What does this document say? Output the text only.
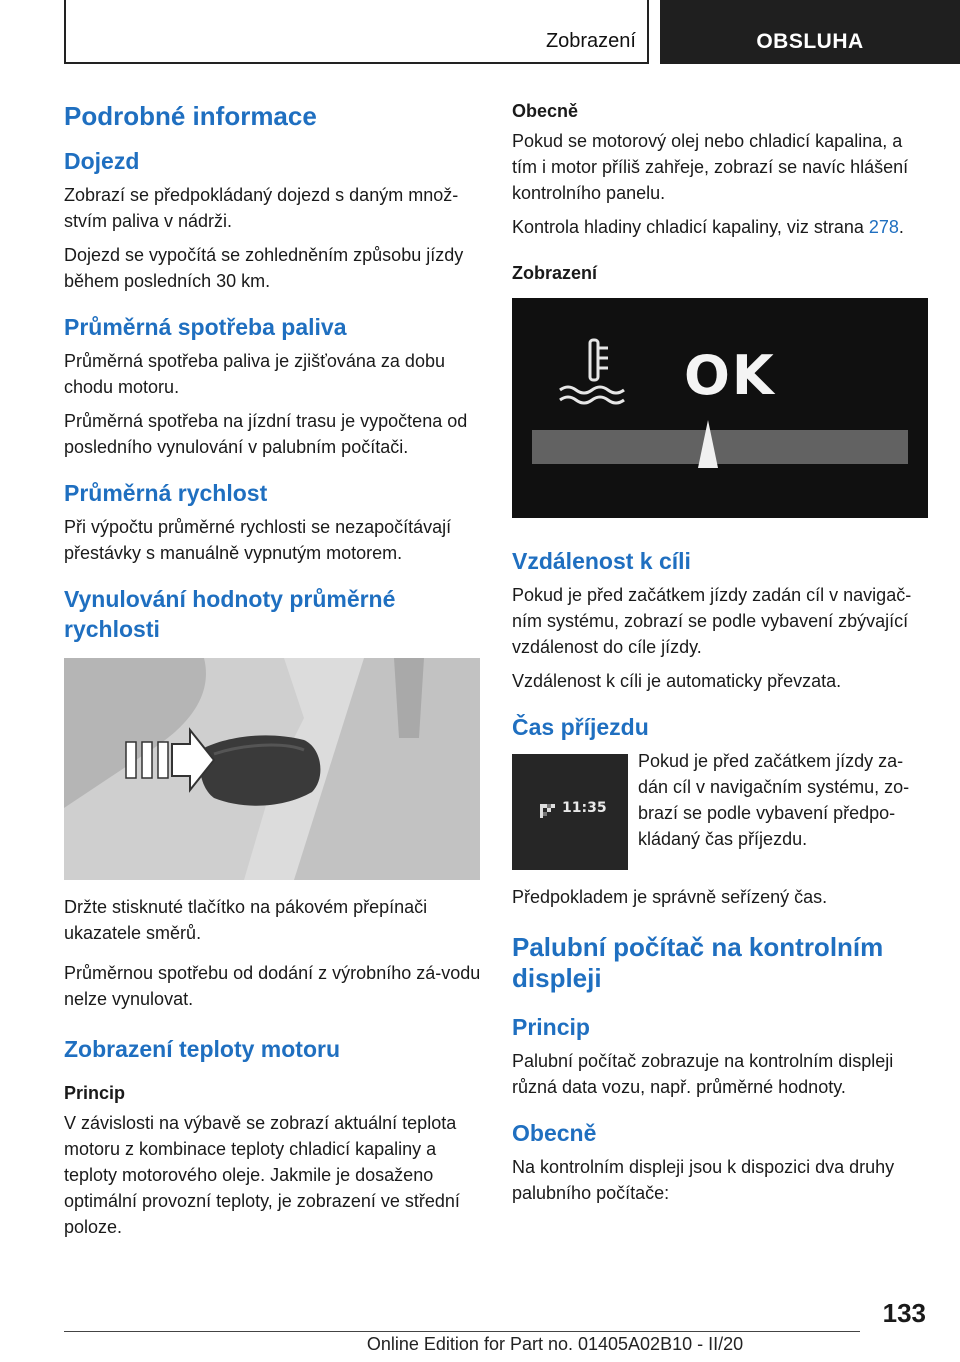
Zobrazení	OBSLUHA
Podrobné informace
Dojezd

Zobrazí se předpokládaný dojezd s daným množ-stvím paliva v nádrži.

Dojezd se vypočítá se zohledněním způsobu jízdy během posledních 30 km.

Průměrná spotřeba paliva

Průměrná spotřeba paliva je zjišťována za dobu chodu motoru.

Průměrná spotřeba na jízdní trasu je vypočtena od posledního vynulování v palubním počítači.

Průměrná rychlost

Při výpočtu průměrné rychlosti se nezapočítávají přestávky s manuálně vypnutým motorem.

Vynulování hodnoty průměrné rychlosti

Držte stisknuté tlačítko na pákovém přepínači ukazatele směrů.

Průměrnou spotřebu od dodání z výrobního zá-vodu nelze vynulovat.

Zobrazení teploty motoru
Princip

V závislosti na výbavě se zobrazí aktuální teplota motoru z kombinace teploty chladicí kapaliny a teploty motorového oleje. Jakmile je dosaženo optimální provozní teploty, je zobrazení ve střední poloze.

Obecně

Pokud se motorový olej nebo chladicí kapalina, a tím i motor příliš zahřeje, zobrazí se navíc hlášení kontrolního panelu.

Kontrola hladiny chladicí kapaliny, viz strana 278.

Zobrazení
OK
Vzdálenost k cíli

Pokud je před začátkem jízdy zadán cíl v navigač-ním systému, zobrazí se podle vybavení zbývající vzdálenost do cíle jízdy.

Vzdálenost k cíli je automaticky převzata.

Čas příjezdu
11:35

Pokud je před začátkem jízdy za-dán cíl v navigačním systému, zo-brazí se podle vybavení předpo-kládaný čas příjezdu.

Předpokladem je správně seřízený čas.

Palubní počítač na kontrolním displeji
Princip

Palubní počítač zobrazuje na kontrolním displeji různá data vozu, např. průměrné hodnoty.

Obecně

Na kontrolním displeji jsou k dispozici dva druhy palubního počítače:

133
Online Edition for Part no. 01405A02B10 - II/20
